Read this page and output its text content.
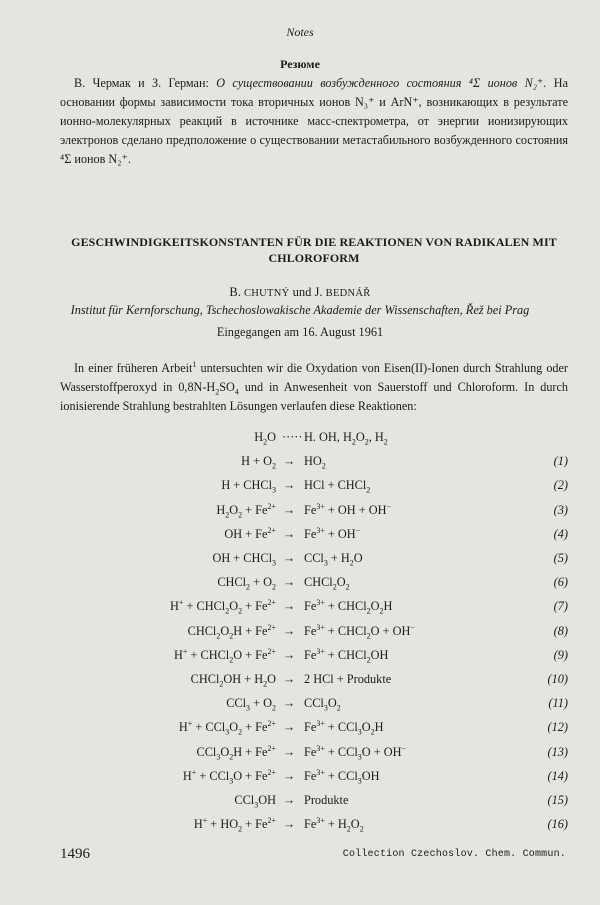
Notes
Резюме
В. Чермак и З. Герман: О существовании возбужденного состояния ⁴Σ ионов N₂⁺. На основании формы зависимости тока вторичных ионов N₃⁺ и ArN⁺, возникающих в результате ионно-молекулярных реакций в источнике масс-спектрометра, от энергии ионизирующих электронов сделано предположение о существовании метастабильного возбужденного состояния ⁴Σ ионов N₂⁺.
GESCHWINDIGKEITSKONSTANTEN FÜR DIE REAKTIONEN VON RADIKALEN MIT CHLOROFORM
B. CHUTNÝ und J. BEDNÁŘ
Institut für Kernforschung, Tschechoslowakische Akademie der Wissenschaften, Řež bei Prag
Eingegangen am 16. August 1961
In einer früheren Arbeit$^1$ untersuchten wir die Oxydation von Eisen(II)-Ionen durch Strahlung oder Wasserstoffperoxyd in $0,8N-H_2SO_4$ und in Anwesenheit von Sauerstoff und Chloroform. In durch ionisierende Strahlung bestrahlten Lösungen verlaufen diese Reaktionen:
$H_2O$ ····· H. OH, $H_2O_2$, $H_2$
$H + O_2 \to HO_2$	(1)
H + CHCl$_3$ → HCl + CHCl$_2$	(2)
$H_2O_2 + Fe^{2+} \to Fe^{3+}$ + OH + OH−	(3)
OH + $Fe^{2+} \to Fe^{3+} + OH^-$	(4)
OH + CHCl$_3$ → $CCl_3 + H_2O$	(5)
CHCl$_2$ + $O_2$ → $CHCl_2O_2$	(6)
$H^+ + CHCl_2O_2 + Fe^{2+} \to Fe^{3+}$ + $CHCl_2O_2H$	(7)
$CHCl_2O_2H + Fe^{2+} \to Fe^{3+}$ + CHCl$_2$O + OH−	(8)
H+ + CHCl$_2$O + $Fe^{2+} \to Fe^{3+}$ + CHCl$_2$OH	(9)
CHCl$_2$OH + $H_2O \to 2$ HCl + Produkte	(10)
$CCl_3 + O_2 \to CCl_3O_2$	(11)
$H^+ + CCl_3O_2 + Fe^{2+} \to Fe^{3+} + CCl_3O_2H$	(12)
$CCl_3O_2H + Fe^{2+} \to Fe^{3+} + CCl_3O + OH^-$	(13)
$H^+ + CCl_3O + Fe^{2+} \to Fe^{3+} + CCl_3OH$	(14)
CCl$_3$OH → Produkte	(15)
$H^+ + HO_2 + Fe^{2+} \to Fe^{3+} + H_2O_2$	(16)
1496	Collection Czechoslov. Chem. Commun.
